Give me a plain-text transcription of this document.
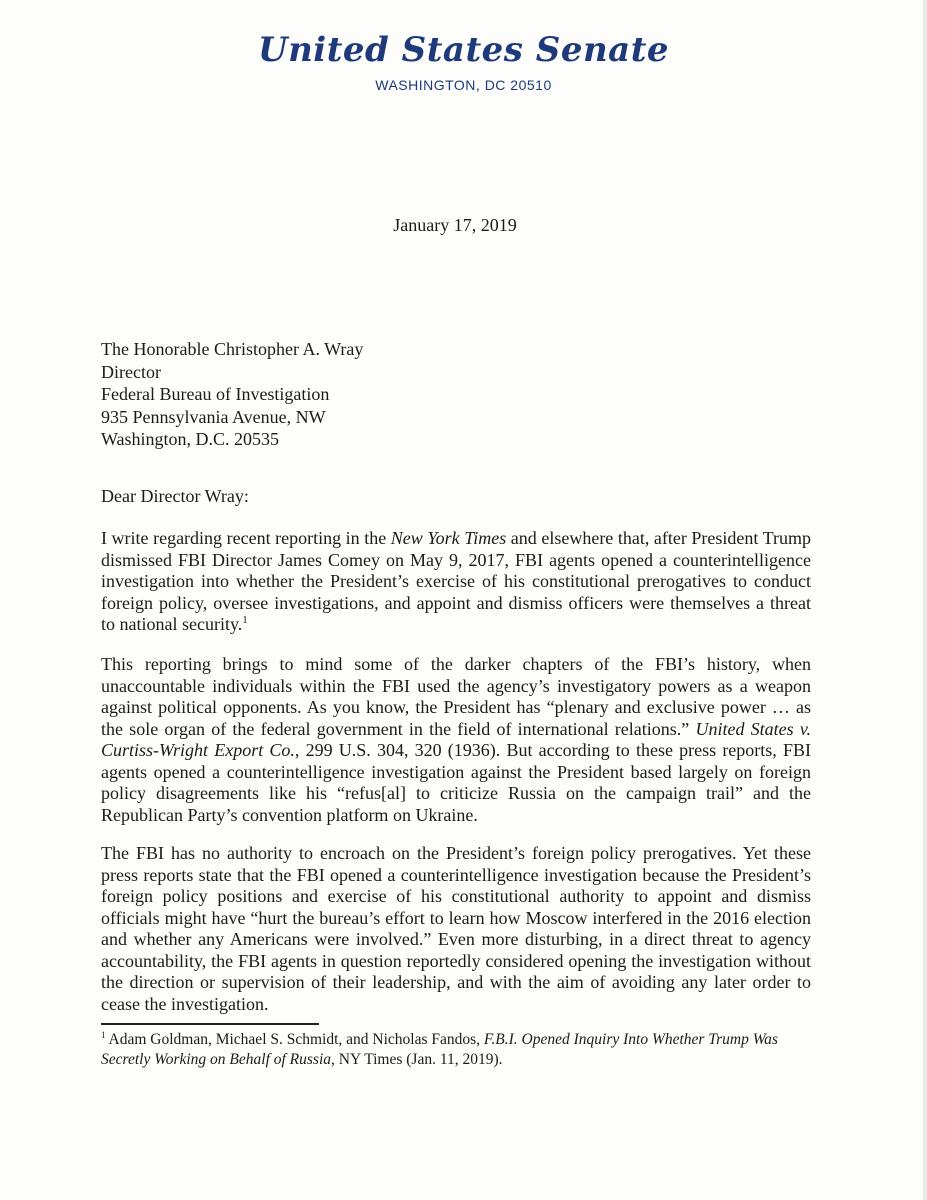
United States Senate
WASHINGTON, DC 20510
January 17, 2019
The Honorable Christopher A. Wray
Director
Federal Bureau of Investigation
935 Pennsylvania Avenue, NW
Washington, D.C. 20535
Dear Director Wray:

I write regarding recent reporting in the New York Times and elsewhere that, after President Trump dismissed FBI Director James Comey on May 9, 2017, FBI agents opened a counterintelligence investigation into whether the President’s exercise of his constitutional prerogatives to conduct foreign policy, oversee investigations, and appoint and dismiss officers were themselves a threat to national security.$^1$

This reporting brings to mind some of the darker chapters of the FBI’s history, when unaccountable individuals within the FBI used the agency’s investigatory powers as a weapon against political opponents. As you know, the President has “plenary and exclusive power … as the sole organ of the federal government in the field of international relations.” United States v. Curtiss-Wright Export Co., 299 U.S. 304, 320 (1936). But according to these press reports, FBI agents opened a counterintelligence investigation against the President based largely on foreign policy disagreements like his “refus[al] to criticize Russia on the campaign trail” and the Republican Party’s convention platform on Ukraine.

The FBI has no authority to encroach on the President’s foreign policy prerogatives. Yet these press reports state that the FBI opened a counterintelligence investigation because the President’s foreign policy positions and exercise of his constitutional authority to appoint and dismiss officials might have “hurt the bureau’s effort to learn how Moscow interfered in the 2016 election and whether any Americans were involved.” Even more disturbing, in a direct threat to agency accountability, the FBI agents in question reportedly considered opening the investigation without the direction or supervision of their leadership, and with the aim of avoiding any later order to cease the investigation.

$^1$ Adam Goldman, Michael S. Schmidt, and Nicholas Fandos, F.B.I. Opened Inquiry Into Whether Trump Was Secretly Working on Behalf of Russia, NY Times (Jan. 11, 2019).
